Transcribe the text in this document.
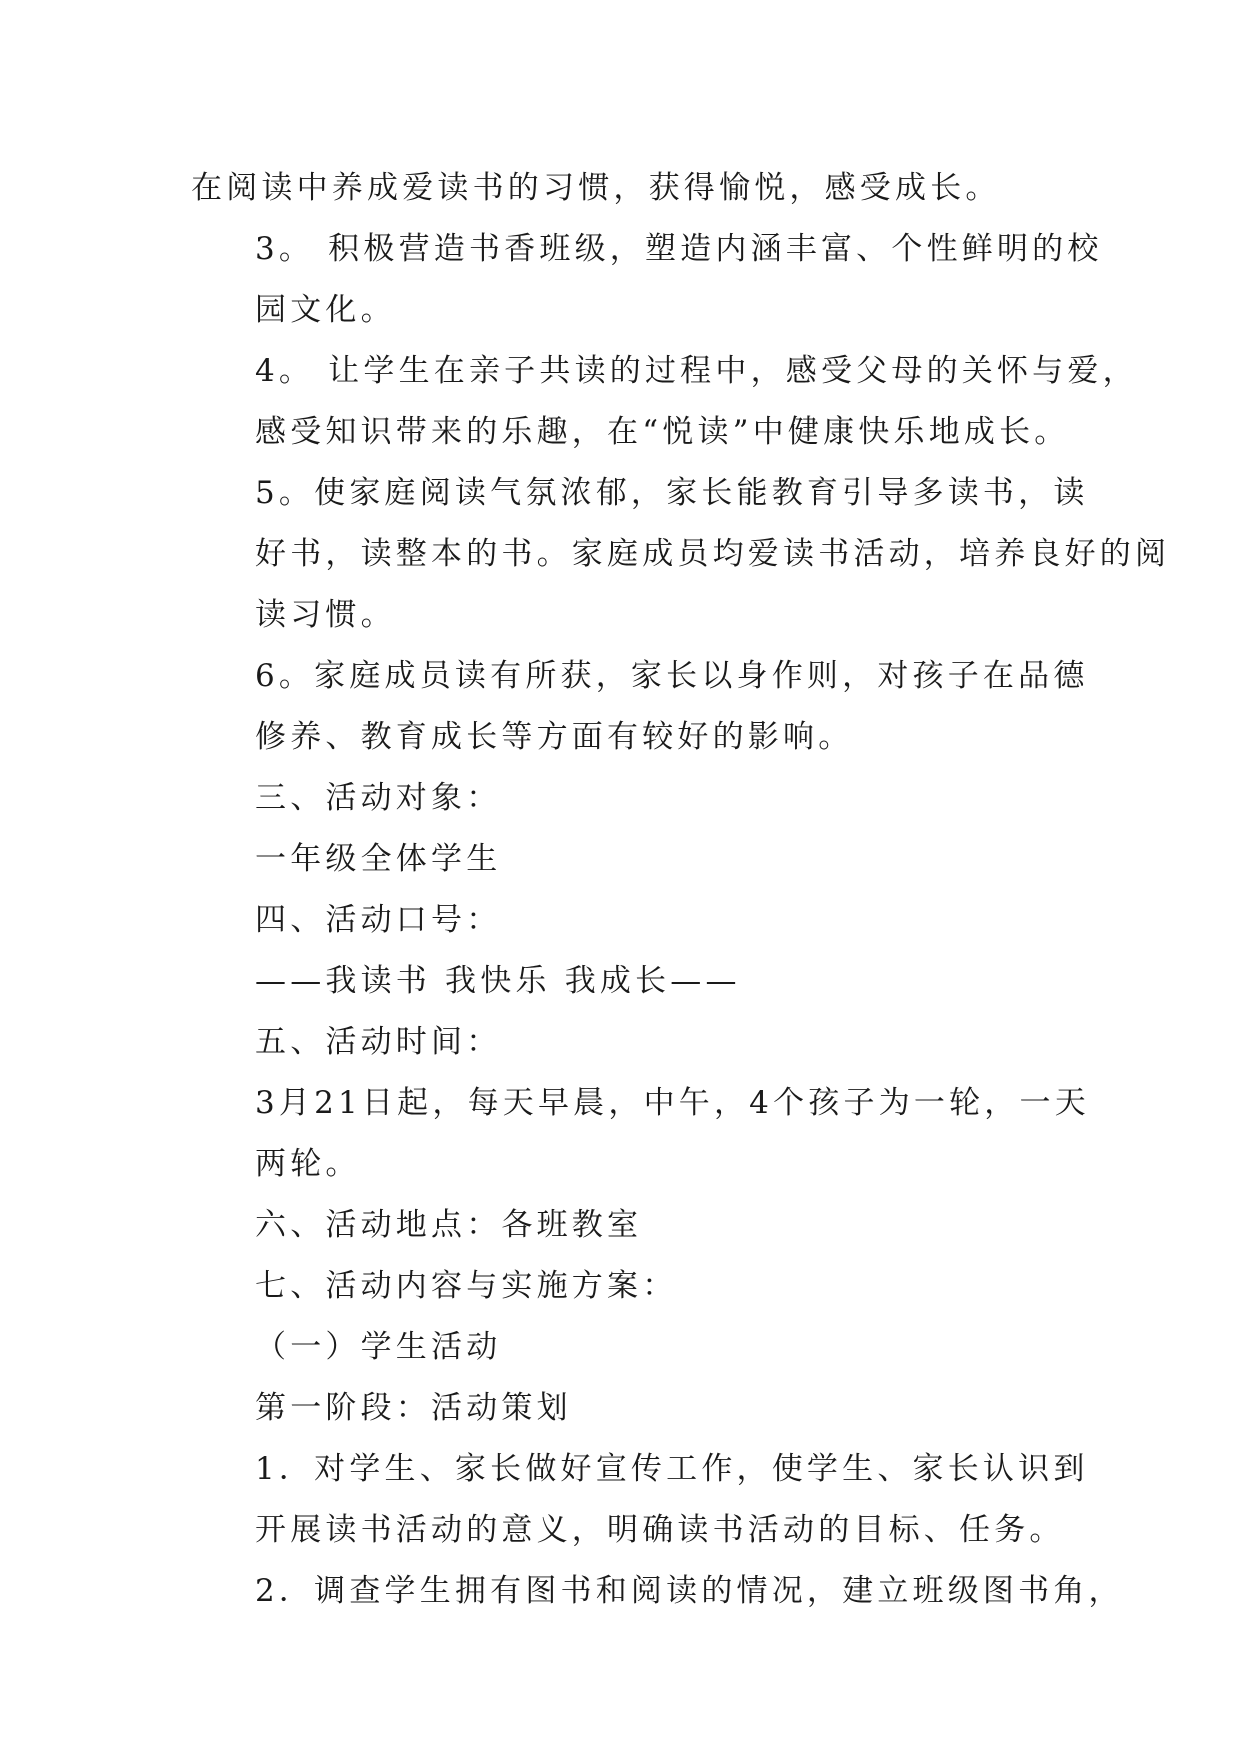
在阅读中养成爱读书的习惯，获得愉悦，感受成长。

3。 积极营造书香班级，塑造内涵丰富、个性鲜明的校
园文化。

4。 让学生在亲子共读的过程中，感受父母的关怀与爱，
感受知识带来的乐趣，在“悦读”中健康快乐地成长。

5。使家庭阅读气氛浓郁，家长能教育引导多读书，读
好书，读整本的书。家庭成员均爱读书活动，培养良好的阅
读习惯。

6。家庭成员读有所获，家长以身作则，对孩子在品德
修养、教育成长等方面有较好的影响。

三、活动对象：

一年级全体学生

四、活动口号：

——我读书 我快乐 我成长——

五、活动时间：

3月21日起，每天早晨，中午，4个孩子为一轮，一天
两轮。

六、活动地点：各班教室

七、活动内容与实施方案：

（一）学生活动

第一阶段：活动策划

1．对学生、家长做好宣传工作，使学生、家长认识到
开展读书活动的意义，明确读书活动的目标、任务。

2．调查学生拥有图书和阅读的情况，建立班级图书角，
